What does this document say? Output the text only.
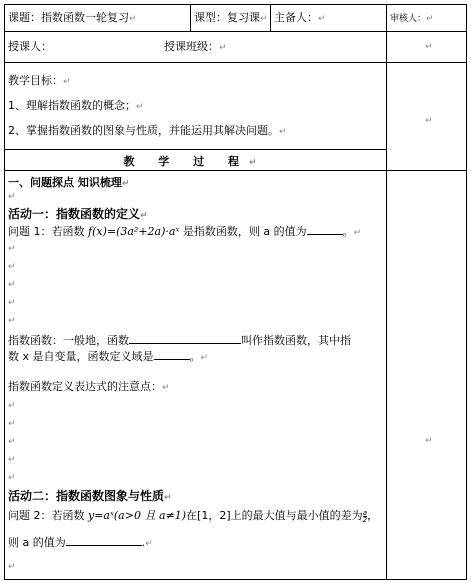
课题：指数函数一轮复习↵	课型：复习课↵ 主备人：↵	审核人：↵
授课人：	授课班级：↵	↵
教学目标：↵
1、理解指数函数的概念；↵
2、掌握指数函数的图象与性质，并能运用其解决问题。↵
↵
教 学 过 程↵
一、问题探点 知识梳理↵
↵
活动一：指数函数的定义↵
问题 1：若函数 f(x)=(3a²+2a)·aˣ 是指数函数，则 a 的值为	。↵
↵
↵
↵
↵
↵
指数函数：一般地，函数	叫作指数函数，其中指
数 x 是自变量，函数定义域是	。↵
指数函数定义表达式的注意点：↵
↵
↵
↵
↵
↵
↵
活动二：指数函数图象与性质↵
问题 2：若函数 y=aˣ(a>0 且 a≠1)在[1，2]上的最大值与最小值的差为 $\frac{a}{2}$ ，
则 a 的值为	.↵
↵
